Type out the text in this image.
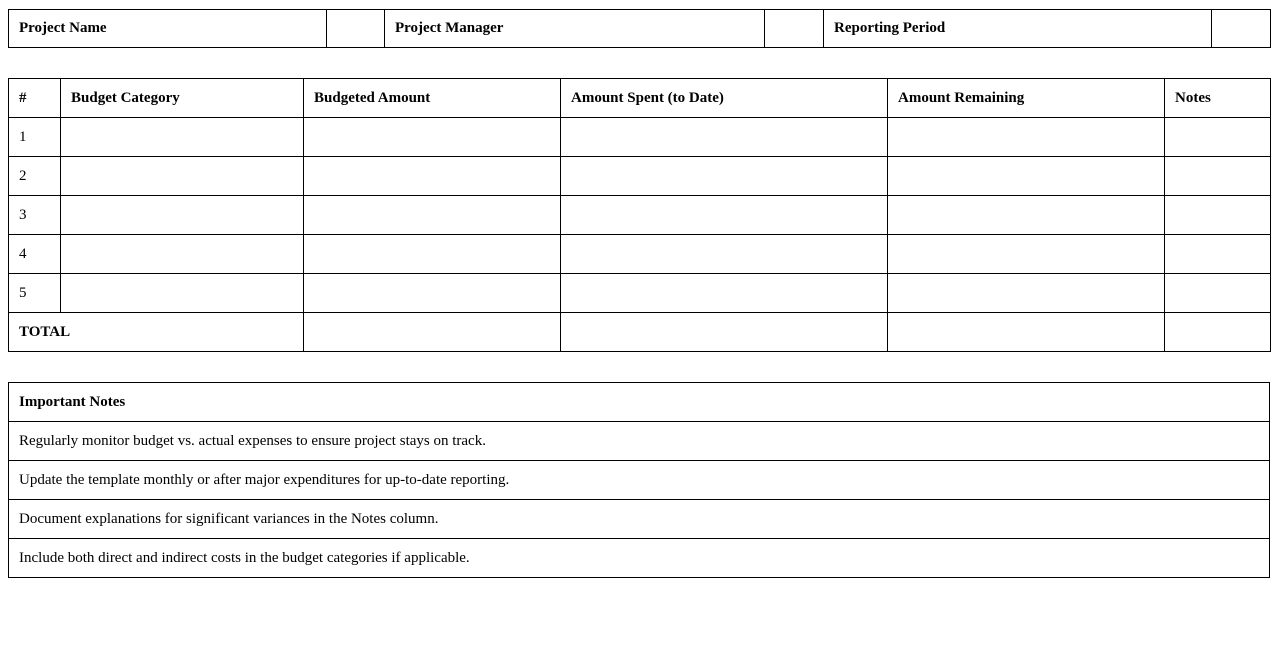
Project Name		Project Manager		Reporting Period	
#	Budget Category	Budgeted Amount	Amount Spent (to Date)	Amount Remaining	Notes
1					
2					
3					
4					
5					
TOTAL					
Important Notes
Regularly monitor budget vs. actual expenses to ensure project stays on track.
Update the template monthly or after major expenditures for up-to-date reporting.
Document explanations for significant variances in the Notes column.
Include both direct and indirect costs in the budget categories if applicable.
